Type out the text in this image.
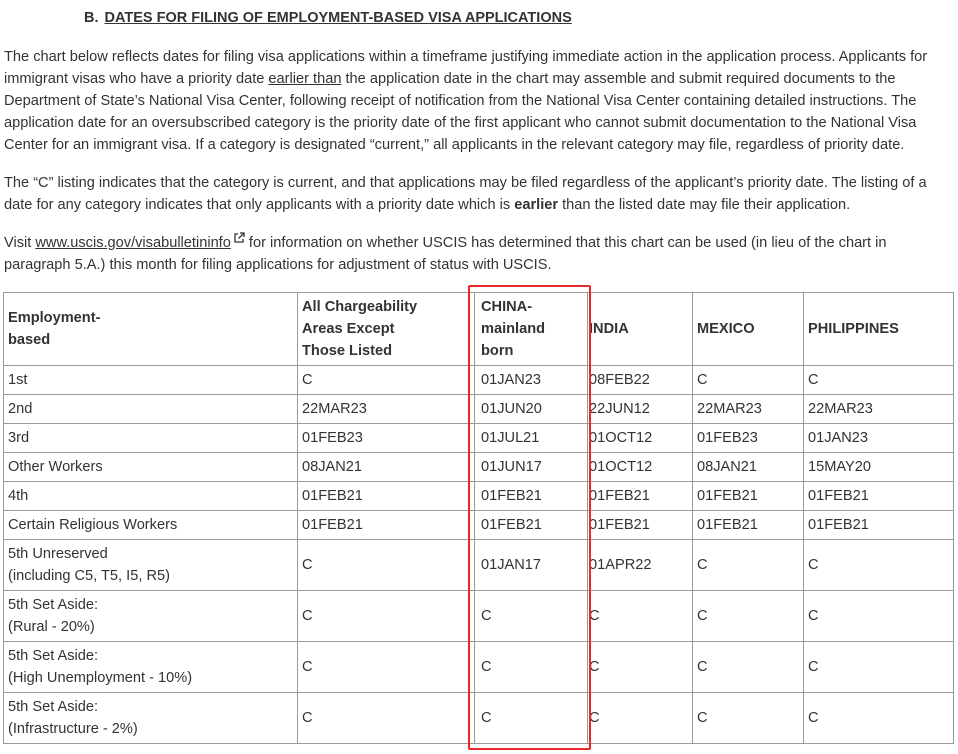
B. DATES FOR FILING OF EMPLOYMENT-BASED VISA APPLICATIONS
The chart below reflects dates for filing visa applications within a timeframe justifying immediate action in the application process. Applicants for immigrant visas who have a priority date earlier than the application date in the chart may assemble and submit required documents to the Department of State’s National Visa Center, following receipt of notification from the National Visa Center containing detailed instructions. The application date for an oversubscribed category is the priority date of the first applicant who cannot submit documentation to the National Visa Center for an immigrant visa. If a category is designated “current,” all applicants in the relevant category may file, regardless of priority date.
The “C” listing indicates that the category is current, and that applications may be filed regardless of the applicant’s priority date. The listing of a date for any category indicates that only applicants with a priority date which is earlier than the listed date may file their application.
Visit www.uscis.gov/visabulletininfo for information on whether USCIS has determined that this chart can be used (in lieu of the chart in paragraph 5.A.) this month for filing applications for adjustment of status with USCIS.
Employment-
based	All Chargeability
Areas Except
Those Listed	CHINA-
mainland
born	INDIA	MEXICO	PHILIPPINES

1st	C	01JAN23	08FEB22	C	C

2nd	22MAR23	01JUN20	22JUN12	22MAR23	22MAR23

3rd	01FEB23	01JUL21	01OCT12	01FEB23	01JAN23

Other Workers	08JAN21	01JUN17	01OCT12	08JAN21	15MAY20

4th	01FEB21	01FEB21	01FEB21	01FEB21	01FEB21

Certain Religious Workers	01FEB21	01FEB21	01FEB21	01FEB21	01FEB21

5th Unreserved
(including C5, T5, I5, R5)	C	01JAN17	01APR22	C	C

5th Set Aside:
(Rural - 20%)	C	C	C	C	C

5th Set Aside:
(High Unemployment - 10%)	C	C	C	C	C

5th Set Aside:
(Infrastructure - 2%)	C	C	C	C	C
